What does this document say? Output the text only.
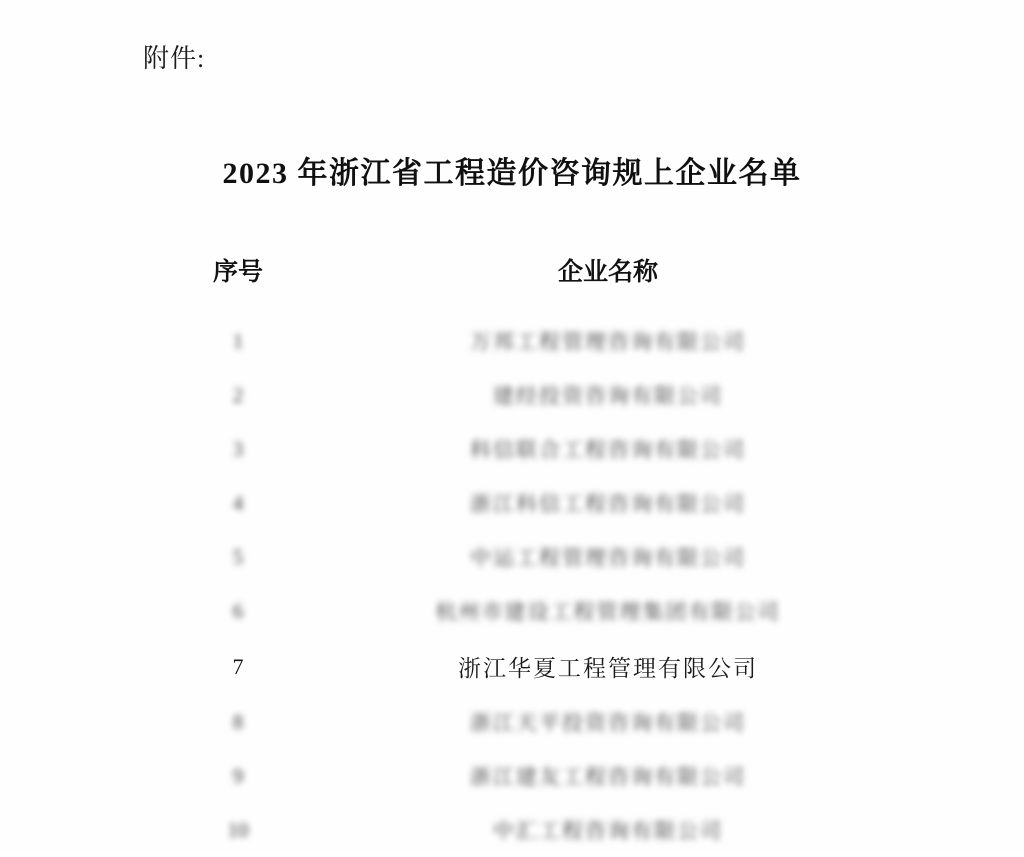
附件:
2023 年浙江省工程造价咨询规上企业名单
序号	企业名称
1	万邦工程管理咨询有限公司
2	建经投资咨询有限公司
3	科信联合工程咨询有限公司
4	浙江科信工程咨询有限公司
5	中运工程管理咨询有限公司
6	杭州市建设工程管理集团有限公司
7	浙江华夏工程管理有限公司
8	浙江天平投资咨询有限公司
9	浙江建友工程咨询有限公司
10	中汇工程咨询有限公司
